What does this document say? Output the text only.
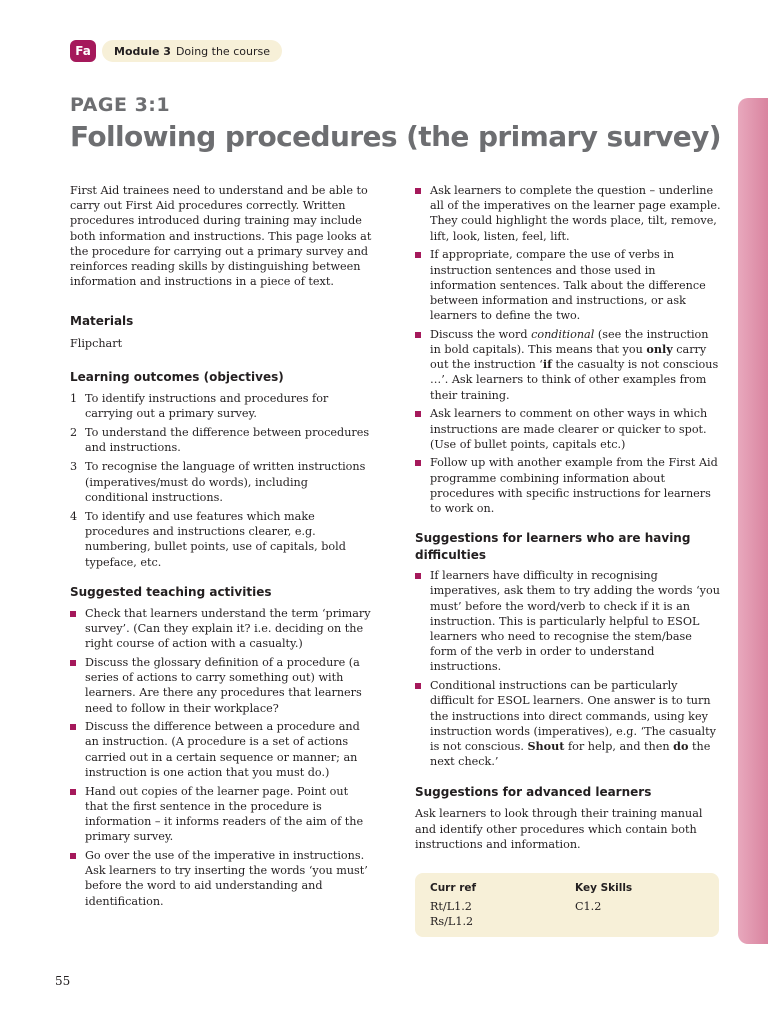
Fa	Module 3 Doing the course
PAGE 3:1
Following procedures (the primary survey)

First Aid trainees need to understand and be able to carry out First Aid procedures correctly. Written procedures introduced during training may include both information and instructions. This page looks at the procedure for carrying out a primary survey and reinforces reading skills by distinguishing between information and instructions in a piece of text.

Materials

Flipchart

Learning outcomes (objectives)
1 To identify instructions and procedures for carrying out a primary survey.
2 To understand the difference between procedures and instructions.
3 To recognise the language of written instructions (imperatives/must do words), including conditional instructions.
4 To identify and use features which make procedures and instructions clearer, e.g. numbering, bullet points, use of capitals, bold typeface, etc.
Suggested teaching activities
Check that learners understand the term ‘primary survey’. (Can they explain it? i.e. deciding on the right course of action with a casualty.)
Discuss the glossary definition of a procedure (a series of actions to carry something out) with learners. Are there any procedures that learners need to follow in their workplace?
Discuss the difference between a procedure and an instruction. (A procedure is a set of actions carried out in a certain sequence or manner; an instruction is one action that you must do.)
Hand out copies of the learner page. Point out that the first sentence in the procedure is information – it informs readers of the aim of the primary survey.
Go over the use of the imperative in instructions. Ask learners to try inserting the words ‘you must’ before the word to aid understanding and identification.
Ask learners to complete the question – underline all of the imperatives on the learner page example. They could highlight the words place, tilt, remove, lift, look, listen, feel, lift.
If appropriate, compare the use of verbs in instruction sentences and those used in information sentences. Talk about the difference between information and instructions, or ask learners to define the two.
Discuss the word conditional (see the instruction in bold capitals). This means that you only carry out the instruction ‘if the casualty is not conscious …’. Ask learners to think of other examples from their training.
Ask learners to comment on other ways in which instructions are made clearer or quicker to spot. (Use of bullet points, capitals etc.)
Follow up with another example from the First Aid programme combining information about procedures with specific instructions for learners to work on.
Suggestions for learners who are having difficulties
If learners have difficulty in recognising imperatives, ask them to try adding the words ‘you must’ before the word/verb to check if it is an instruction. This is particularly helpful to ESOL learners who need to recognise the stem/base form of the verb in order to understand instructions.
Conditional instructions can be particularly difficult for ESOL learners. One answer is to turn the instructions into direct commands, using key instruction words (imperatives), e.g. ‘The casualty is not conscious. Shout for help, and then do the next check.’
Suggestions for advanced learners

Ask learners to look through their training manual and identify other procedures which contain both instructions and information.

Curr ref
Rt/L1.2
Rs/L1.2
Key Skills
C1.2
55
